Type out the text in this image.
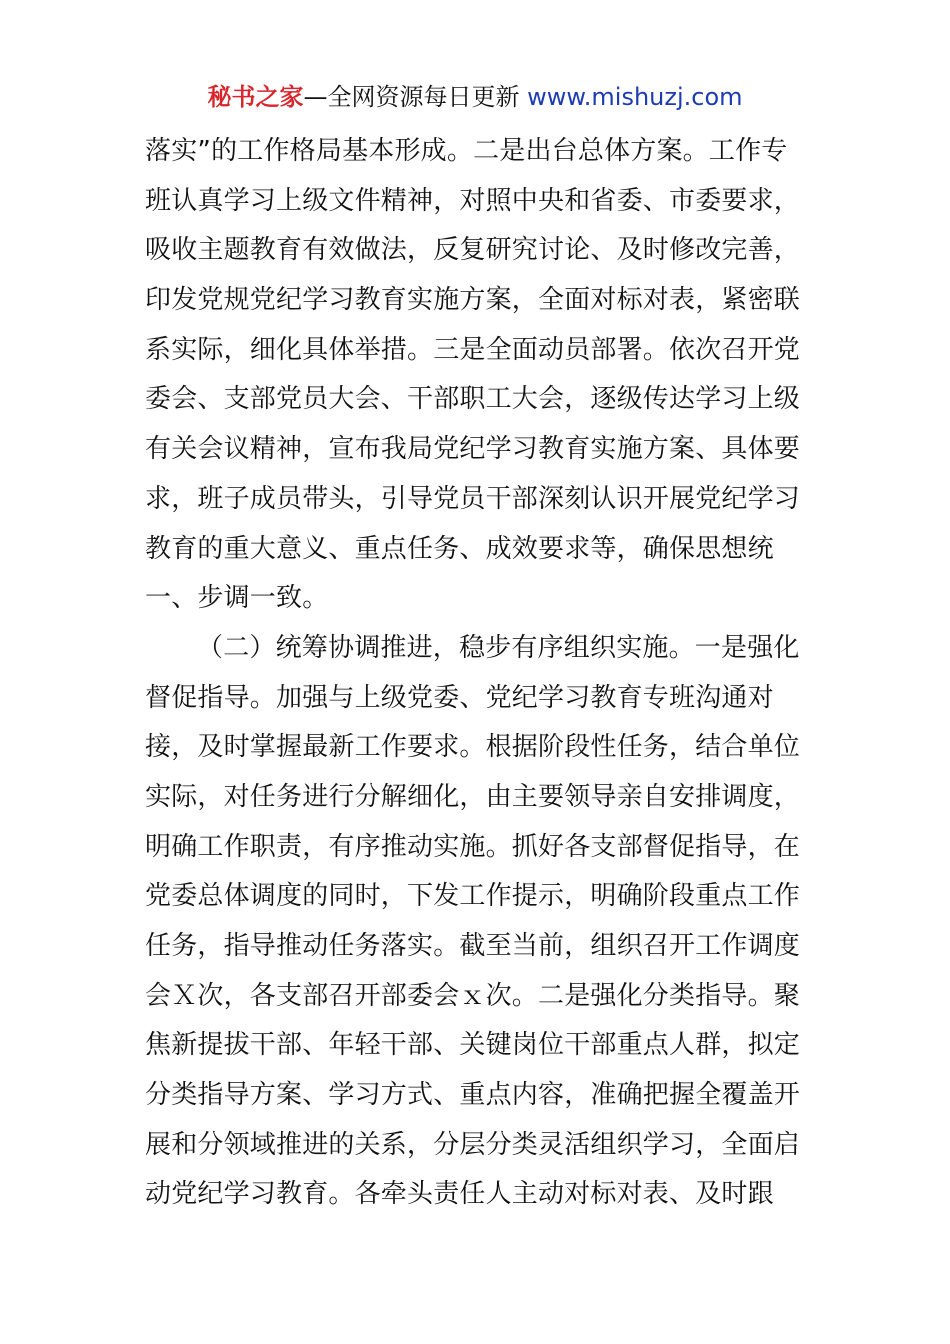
秘书之家—全网资源每日更新 www.mishuzj.com
落实”的工作格局基本形成。二是出台总体方案。工作专
班认真学习上级文件精神，对照中央和省委、市委要求，
吸收主题教育有效做法，反复研究讨论、及时修改完善，
印发党规党纪学习教育实施方案，全面对标对表，紧密联
系实际，细化具体举措。三是全面动员部署。依次召开党
委会、支部党员大会、干部职工大会，逐级传达学习上级
有关会议精神，宣布我局党纪学习教育实施方案、具体要
求，班子成员带头，引导党员干部深刻认识开展党纪学习
教育的重大意义、重点任务、成效要求等，确保思想统
一、步调一致。
（二）统筹协调推进，稳步有序组织实施。一是强化
督促指导。加强与上级党委、党纪学习教育专班沟通对
接，及时掌握最新工作要求。根据阶段性任务，结合单位
实际，对任务进行分解细化，由主要领导亲自安排调度，
明确工作职责，有序推动实施。抓好各支部督促指导，在
党委总体调度的同时，下发工作提示，明确阶段重点工作
任务，指导推动任务落实。截至当前，组织召开工作调度
会Ｘ次，各支部召开部委会ｘ次。二是强化分类指导。聚
焦新提拔干部、年轻干部、关键岗位干部重点人群，拟定
分类指导方案、学习方式、重点内容，准确把握全覆盖开
展和分领域推进的关系，分层分类灵活组织学习，全面启
动党纪学习教育。各牵头责任人主动对标对表、及时跟
